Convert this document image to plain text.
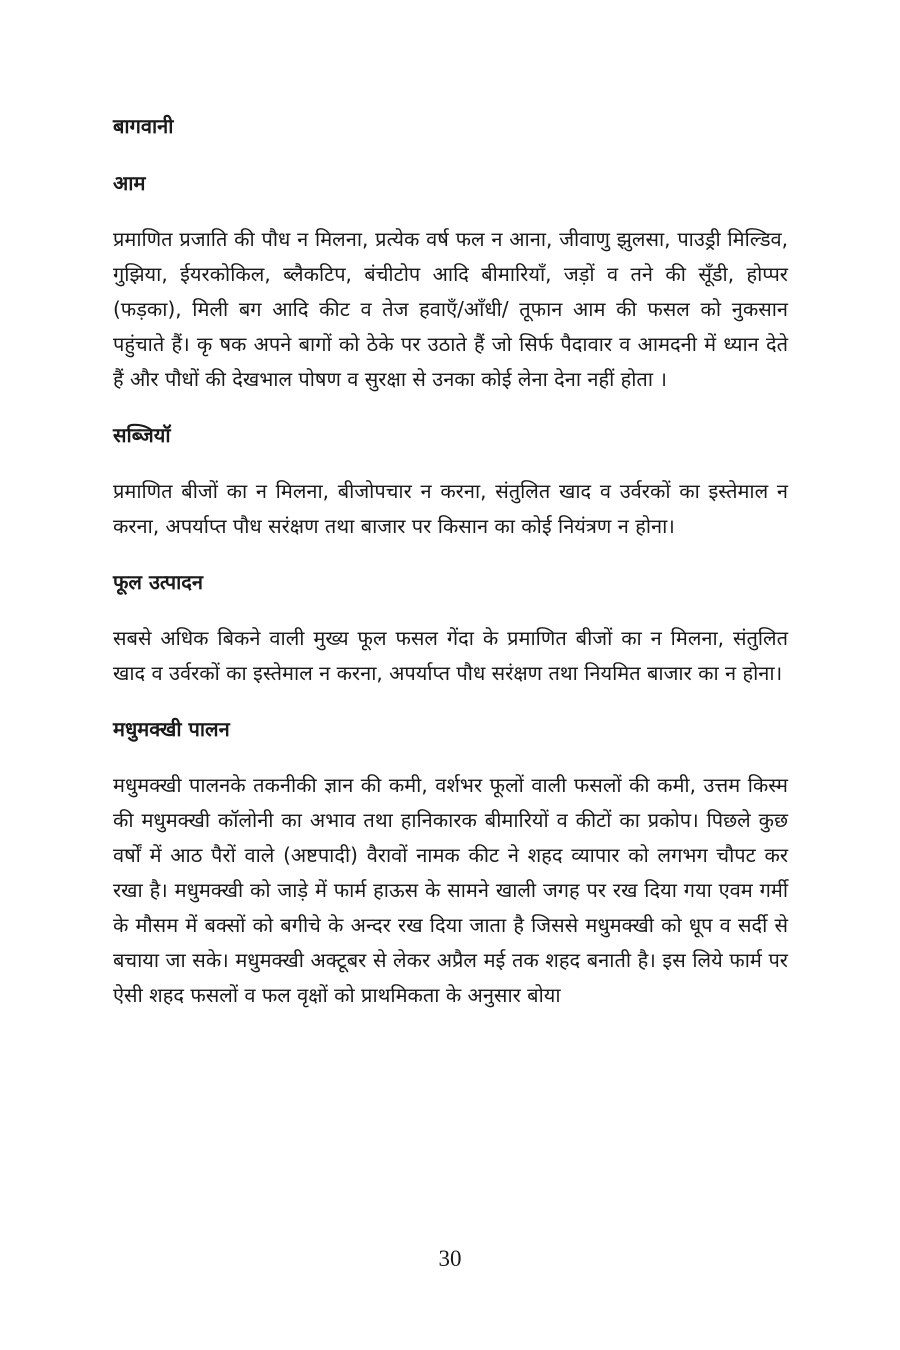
बागवानी
आम

प्रमाणित प्रजाति की पौध न मिलना, प्रत्येक वर्ष फल न आना, जीवाणु झुलसा, पाउड्री मिल्डिव, गुझिया, ईयरकोकिल, ब्लैकटिप, बंचीटोप आदि बीमारियाँ, जड़ों व तने की सूँडी, होप्पर (फड़का), मिली बग आदि कीट व तेज हवाएँ/आँधी/ तूफान आम की फसल को नुकसान पहुंचाते हैं। कृ षक अपने बागों को ठेके पर उठाते हैं जो सिर्फ पैदावार व आमदनी में ध्यान देते हैं और पौधों की देखभाल पोषण व सुरक्षा से उनका कोई लेना देना नहीं होता ।

सब्जियॉ

प्रमाणित बीजों का न मिलना, बीजोपचार न करना, संतुलित खाद व उर्वरकों का इस्तेमाल न करना, अपर्याप्त पौध सरंक्षण तथा बाजार पर किसान का कोई नियंत्रण न होना।

फूल उत्पादन

सबसे अधिक बिकने वाली मुख्य फूल फसल गेंदा के प्रमाणित बीजों का न मिलना, संतुलित खाद व उर्वरकों का इस्तेमाल न करना, अपर्याप्त पौध सरंक्षण तथा नियमित बाजार का न होना।

मधुमक्खी पालन

मधुमक्खी पालनके तकनीकी ज्ञान की कमी, वर्शभर फूलों वाली फसलों की कमी, उत्तम किस्म की मधुमक्खी कॉलोनी का अभाव तथा हानिकारक बीमारियों व कीटों का प्रकोप। पिछले कुछ वर्षों में आठ पैरों वाले (अष्टपादी) वैरावों नामक कीट ने शहद व्यापार को लगभग चौपट कर रखा है। मधुमक्खी को जाड़े में फार्म हाऊस के सामने खाली जगह पर रख दिया गया एवम गर्मी के मौसम में बक्सों को बगीचे के अन्दर रख दिया जाता है जिससे मधुमक्खी को धूप व सर्दी से बचाया जा सके। मधुमक्खी अक्टूबर से लेकर अप्रैल मई तक शहद बनाती है। इस लिये फार्म पर ऐसी शहद फसलों व फल वृक्षों को प्राथमिकता के अनुसार बोया

30
